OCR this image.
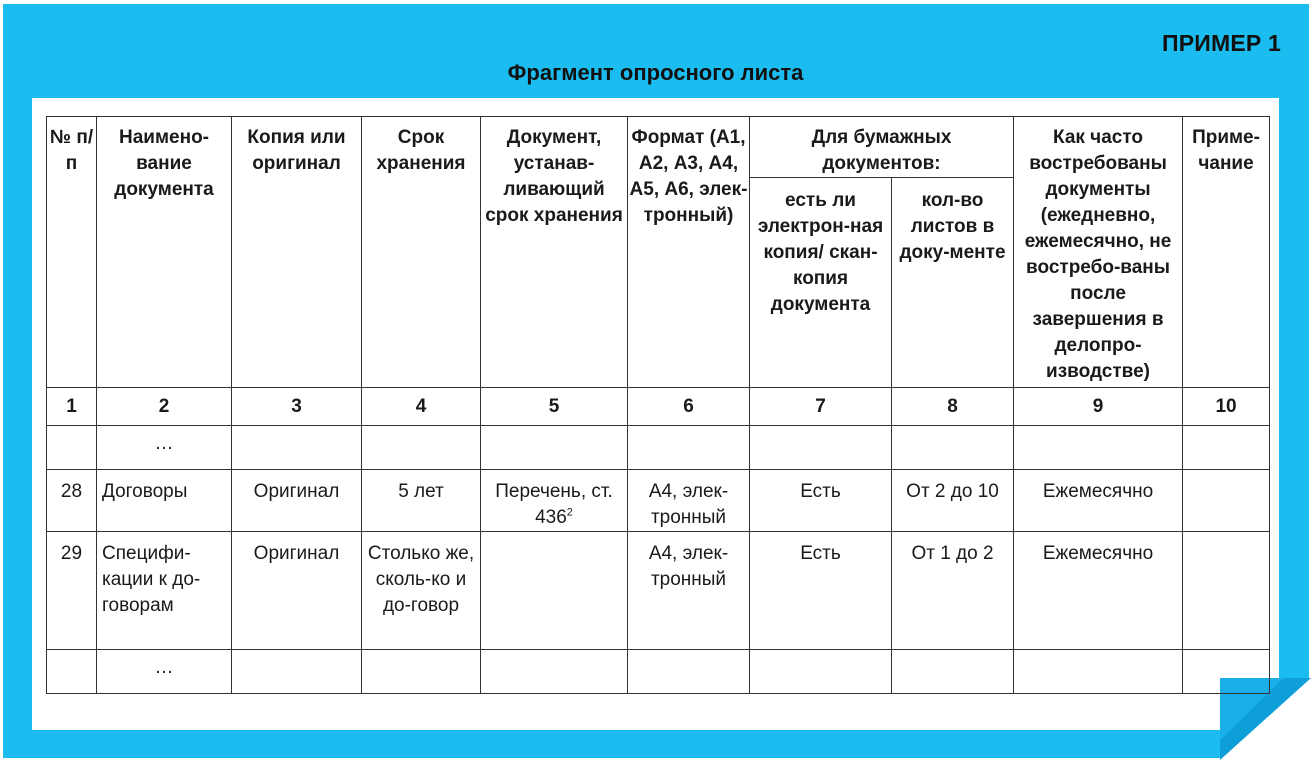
ПРИМЕР 1
Фрагмент опросного листа
№ п/п	Наимено-вание документа	Копия или оригинал	Срок хранения	Документ, устанав-ливающий срок хранения	Формат (А1, А2, А3, А4, А5, А6, элек-тронный)	Для бумажных документов:		Как часто востребованы документы (ежедневно, ежемесячно, не востребо-ваны после завершения в делопро-изводстве)	Приме-чание
						есть ли электрон-ная копия/ скан-копия документа	кол-во листов в доку-менте		
1	2	3	4	5	6	7	8	9	10
	…								
28	Договоры	Оригинал	5 лет	Перечень, ст. $436^2$	А4, элек-тронный	Есть	От 2 до 10	Ежемесячно	
29	Специфи-кации к до-говорам	Оригинал	Столько же, сколь-ко и до-говор		А4, элек-тронный	Есть	От 1 до 2	Ежемесячно	
	…								
